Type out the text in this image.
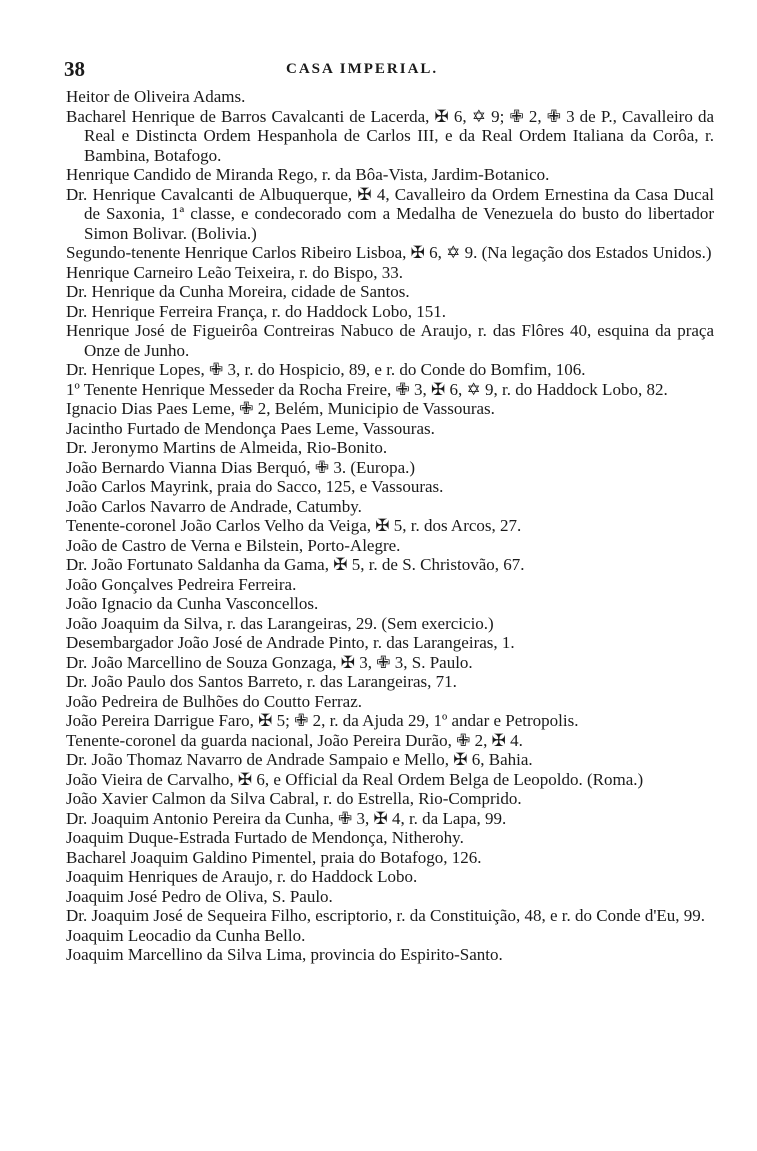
38	CASA IMPERIAL.
Heitor de Oliveira Adams.
Bacharel Henrique de Barros Cavalcanti de Lacerda, ✠ 6, ✡ 9; ✙ 2, ✙ 3 de P., Cavalleiro da Real e Distincta Ordem Hespanhola de Carlos III, e da Real Ordem Italiana da Corôa, r. Bambina, Botafogo.
Henrique Candido de Miranda Rego, r. da Bôa-Vista, Jardim-Botanico.
Dr. Henrique Cavalcanti de Albuquerque, ✠ 4, Cavalleiro da Ordem Ernestina da Casa Ducal de Saxonia, 1ª classe, e condecorado com a Medalha de Venezuela do busto do libertador Simon Bolivar. (Bolivia.)
Segundo-tenente Henrique Carlos Ribeiro Lisboa, ✠ 6, ✡ 9. (Na legação dos Estados Unidos.)
Henrique Carneiro Leão Teixeira, r. do Bispo, 33.
Dr. Henrique da Cunha Moreira, cidade de Santos.
Dr. Henrique Ferreira França, r. do Haddock Lobo, 151.
Henrique José de Figueirôa Contreiras Nabuco de Araujo, r. das Flôres 40, esquina da praça Onze de Junho.
Dr. Henrique Lopes, ✙ 3, r. do Hospicio, 89, e r. do Conde do Bomfim, 106.
1º Tenente Henrique Messeder da Rocha Freire, ✙ 3, ✠ 6, ✡ 9, r. do Haddock Lobo, 82.
Ignacio Dias Paes Leme, ✙ 2, Belém, Municipio de Vassouras.
Jacintho Furtado de Mendonça Paes Leme, Vassouras.
Dr. Jeronymo Martins de Almeida, Rio-Bonito.
João Bernardo Vianna Dias Berquó, ✙ 3. (Europa.)
João Carlos Mayrink, praia do Sacco, 125, e Vassouras.
João Carlos Navarro de Andrade, Catumby.
Tenente-coronel João Carlos Velho da Veiga, ✠ 5, r. dos Arcos, 27.
João de Castro de Verna e Bilstein, Porto-Alegre.
Dr. João Fortunato Saldanha da Gama, ✠ 5, r. de S. Christovão, 67.
João Gonçalves Pedreira Ferreira.
João Ignacio da Cunha Vasconcellos.
João Joaquim da Silva, r. das Larangeiras, 29. (Sem exercicio.)
Desembargador João José de Andrade Pinto, r. das Larangeiras, 1.
Dr. João Marcellino de Souza Gonzaga, ✠ 3, ✙ 3, S. Paulo.
Dr. João Paulo dos Santos Barreto, r. das Larangeiras, 71.
João Pedreira de Bulhões do Coutto Ferraz.
João Pereira Darrigue Faro, ✠ 5; ✙ 2, r. da Ajuda 29, 1º andar e Petropolis.
Tenente-coronel da guarda nacional, João Pereira Durão, ✙ 2, ✠ 4.
Dr. João Thomaz Navarro de Andrade Sampaio e Mello, ✠ 6, Bahia.
João Vieira de Carvalho, ✠ 6, e Official da Real Ordem Belga de Leopoldo. (Roma.)
João Xavier Calmon da Silva Cabral, r. do Estrella, Rio-Comprido.
Dr. Joaquim Antonio Pereira da Cunha, ✙ 3, ✠ 4, r. da Lapa, 99.
Joaquim Duque-Estrada Furtado de Mendonça, Nitherohy.
Bacharel Joaquim Galdino Pimentel, praia do Botafogo, 126.
Joaquim Henriques de Araujo, r. do Haddock Lobo.
Joaquim José Pedro de Oliva, S. Paulo.
Dr. Joaquim José de Sequeira Filho, escriptorio, r. da Constituição, 48, e r. do Conde d'Eu, 99.
Joaquim Leocadio da Cunha Bello.
Joaquim Marcellino da Silva Lima, provincia do Espirito-Santo.
